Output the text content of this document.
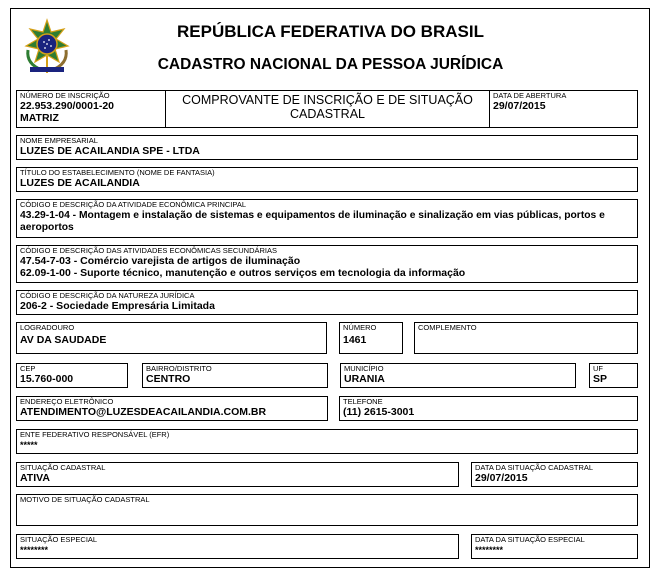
REPÚBLICA FEDERATIVA DO BRASIL
CADASTRO NACIONAL DA PESSOA JURÍDICA
NÚMERO DE INSCRIÇÃO
22.953.290/0001-20
MATRIZ
COMPROVANTE DE INSCRIÇÃO E DE SITUAÇÃO
CADASTRAL
DATA DE ABERTURA
29/07/2015
NOME EMPRESARIAL
LUZES DE ACAILANDIA SPE - LTDA
TÍTULO DO ESTABELECIMENTO (NOME DE FANTASIA)
LUZES DE ACAILANDIA
CÓDIGO E DESCRIÇÃO DA ATIVIDADE ECONÔMICA PRINCIPAL
43.29-1-04 - Montagem e instalação de sistemas e equipamentos de iluminação e sinalização em vias públicas, portos e aeroportos
CÓDIGO E DESCRIÇÃO DAS ATIVIDADES ECONÔMICAS SECUNDÁRIAS
47.54-7-03 - Comércio varejista de artigos de iluminação
62.09-1-00 - Suporte técnico, manutenção e outros serviços em tecnologia da informação
CÓDIGO E DESCRIÇÃO DA NATUREZA JURÍDICA
206-2 - Sociedade Empresária Limitada
LOGRADOURO
AV DA SAUDADE
NÚMERO
1461
COMPLEMENTO
CEP
15.760-000
BAIRRO/DISTRITO
CENTRO
MUNICÍPIO
URANIA
UF
SP
ENDEREÇO ELETRÔNICO
ATENDIMENTO@LUZESDEACAILANDIA.COM.BR
TELEFONE
(11) 2615-3001
ENTE FEDERATIVO RESPONSÁVEL (EFR)
*****
SITUAÇÃO CADASTRAL
ATIVA
DATA DA SITUAÇÃO CADASTRAL
29/07/2015
MOTIVO DE SITUAÇÃO CADASTRAL
SITUAÇÃO ESPECIAL
********
DATA DA SITUAÇÃO ESPECIAL
********
